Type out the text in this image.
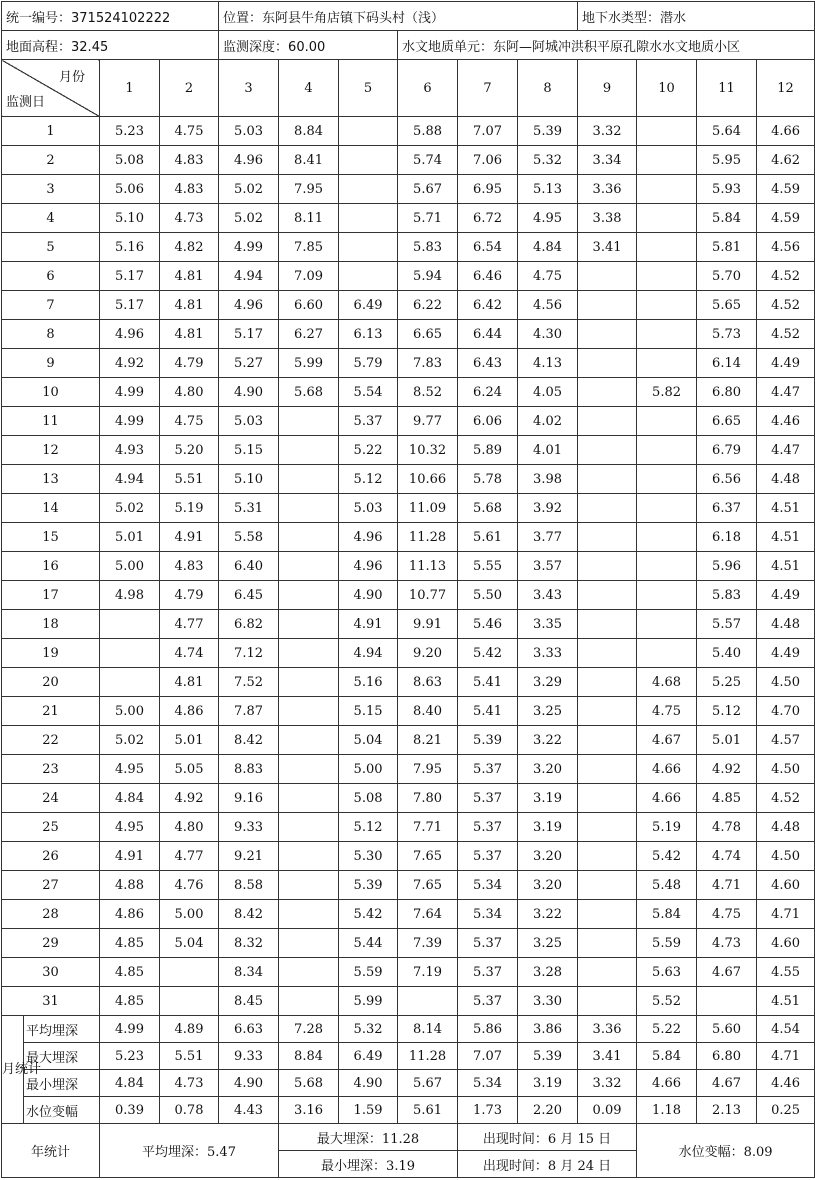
统一编号：371524102222				位置：东阿县牛角店镇下码头村（浅）						地下水类型：潜水			
地面高程：32.45				监测深度：60.00			水文地质单元：东阿—阿城冲洪积平原孔隙水水文地质小区						

月份
监测日		1	2	3	4	5	6	7	8	9	10	11	12
1		5.23	4.75	5.03	8.84		5.88	7.07	5.39	3.32		5.64	4.66
2		5.08	4.83	4.96	8.41		5.74	7.06	5.32	3.34		5.95	4.62
3		5.06	4.83	5.02	7.95		5.67	6.95	5.13	3.36		5.93	4.59
4		5.10	4.73	5.02	8.11		5.71	6.72	4.95	3.38		5.84	4.59
5		5.16	4.82	4.99	7.85		5.83	6.54	4.84	3.41		5.81	4.56
6		5.17	4.81	4.94	7.09		5.94	6.46	4.75			5.70	4.52
7		5.17	4.81	4.96	6.60	6.49	6.22	6.42	4.56			5.65	4.52
8		4.96	4.81	5.17	6.27	6.13	6.65	6.44	4.30			5.73	4.52
9		4.92	4.79	5.27	5.99	5.79	7.83	6.43	4.13			6.14	4.49
10		4.99	4.80	4.90	5.68	5.54	8.52	6.24	4.05		5.82	6.80	4.47
11		4.99	4.75	5.03		5.37	9.77	6.06	4.02			6.65	4.46
12		4.93	5.20	5.15		5.22	10.32	5.89	4.01			6.79	4.47
13		4.94	5.51	5.10		5.12	10.66	5.78	3.98			6.56	4.48
14		5.02	5.19	5.31		5.03	11.09	5.68	3.92			6.37	4.51
15		5.01	4.91	5.58		4.96	11.28	5.61	3.77			6.18	4.51
16		5.00	4.83	6.40		4.96	11.13	5.55	3.57			5.96	4.51
17		4.98	4.79	6.45		4.90	10.77	5.50	3.43			5.83	4.49
18			4.77	6.82		4.91	9.91	5.46	3.35			5.57	4.48
19			4.74	7.12		4.94	9.20	5.42	3.33			5.40	4.49
20			4.81	7.52		5.16	8.63	5.41	3.29		4.68	5.25	4.50
21		5.00	4.86	7.87		5.15	8.40	5.41	3.25		4.75	5.12	4.70
22		5.02	5.01	8.42		5.04	8.21	5.39	3.22		4.67	5.01	4.57
23		4.95	5.05	8.83		5.00	7.95	5.37	3.20		4.66	4.92	4.50
24		4.84	4.92	9.16		5.08	7.80	5.37	3.19		4.66	4.85	4.52
25		4.95	4.80	9.33		5.12	7.71	5.37	3.19		5.19	4.78	4.48
26		4.91	4.77	9.21		5.30	7.65	5.37	3.20		5.42	4.74	4.50
27		4.88	4.76	8.58		5.39	7.65	5.34	3.20		5.48	4.71	4.60
28		4.86	5.00	8.42		5.42	7.64	5.34	3.22		5.84	4.75	4.71
29		4.85	5.04	8.32		5.44	7.39	5.37	3.25		5.59	4.73	4.60
30		4.85		8.34		5.59	7.19	5.37	3.28		5.63	4.67	4.55
31		4.85		8.45		5.99		5.37	3.30		5.52		4.51
月统计	平均埋深	4.99	4.89	6.63	7.28	5.32	8.14	5.86	3.86	3.36	5.22	5.60	4.54
	最大埋深	5.23	5.51	9.33	8.84	6.49	11.28	7.07	5.39	3.41	5.84	6.80	4.71
	最小埋深	4.84	4.73	4.90	5.68	4.90	5.67	5.34	3.19	3.32	4.66	4.67	4.46
	水位变幅	0.39	0.78	4.43	3.16	1.59	5.61	1.73	2.20	0.09	1.18	2.13	0.25
年统计		平均埋深：5.47			最大埋深：11.28			出现时间：6 月 15 日			水位变幅：8.09		
					最小埋深：3.19			出现时间：8 月 24 日					
